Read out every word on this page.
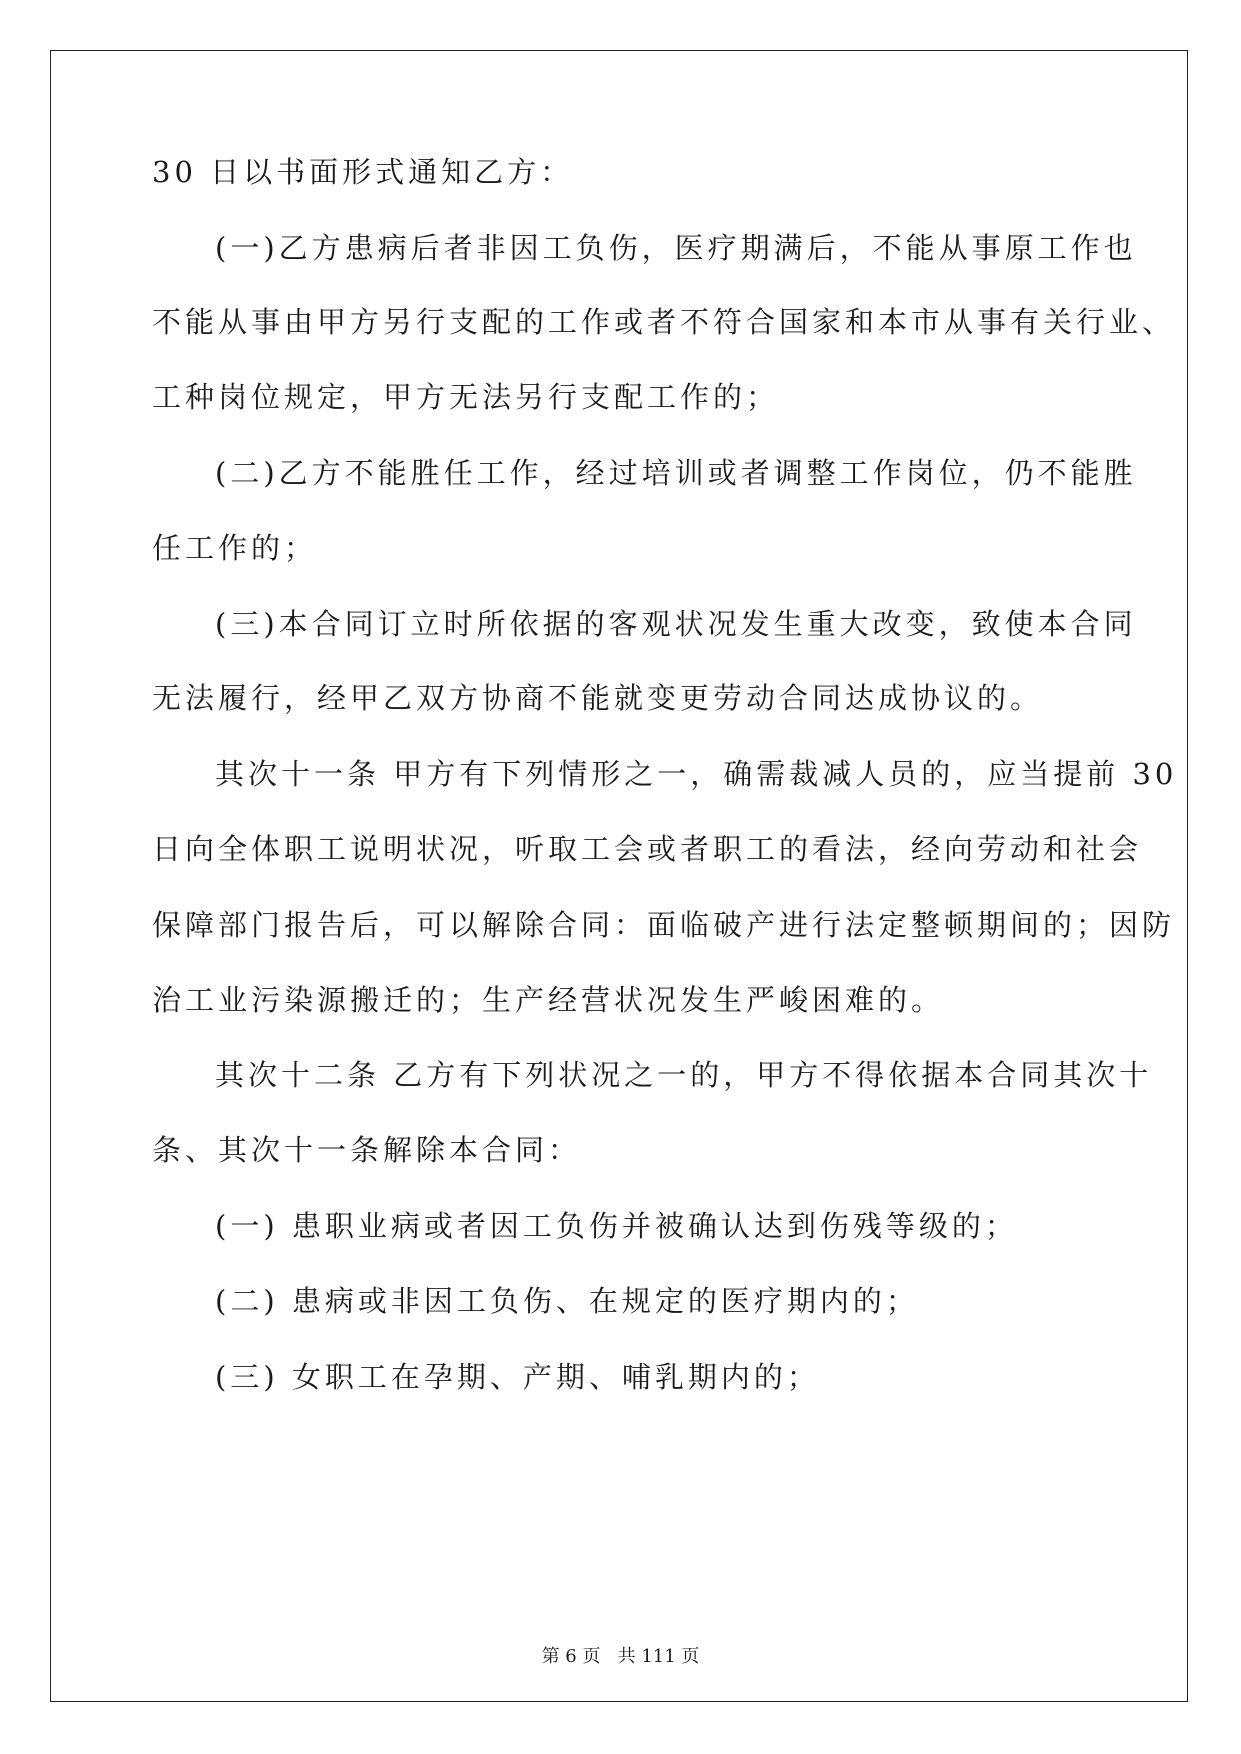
30 日以书面形式通知乙方：

(一)乙方患病后者非因工负伤，医疗期满后，不能从事原工作也

不能从事由甲方另行支配的工作或者不符合国家和本市从事有关行业、

工种岗位规定，甲方无法另行支配工作的；

(二)乙方不能胜任工作，经过培训或者调整工作岗位，仍不能胜

任工作的；

(三)本合同订立时所依据的客观状况发生重大改变，致使本合同

无法履行，经甲乙双方协商不能就变更劳动合同达成协议的。

其次十一条 甲方有下列情形之一，确需裁减人员的，应当提前 30

日向全体职工说明状况，听取工会或者职工的看法，经向劳动和社会

保障部门报告后，可以解除合同：面临破产进行法定整顿期间的；因防

治工业污染源搬迁的；生产经营状况发生严峻困难的。

其次十二条 乙方有下列状况之一的，甲方不得依据本合同其次十

条、其次十一条解除本合同：

(一) 患职业病或者因工负伤并被确认达到伤残等级的；

(二) 患病或非因工负伤、在规定的医疗期内的；

(三) 女职工在孕期、产期、哺乳期内的；

第 6 页   共 111 页
